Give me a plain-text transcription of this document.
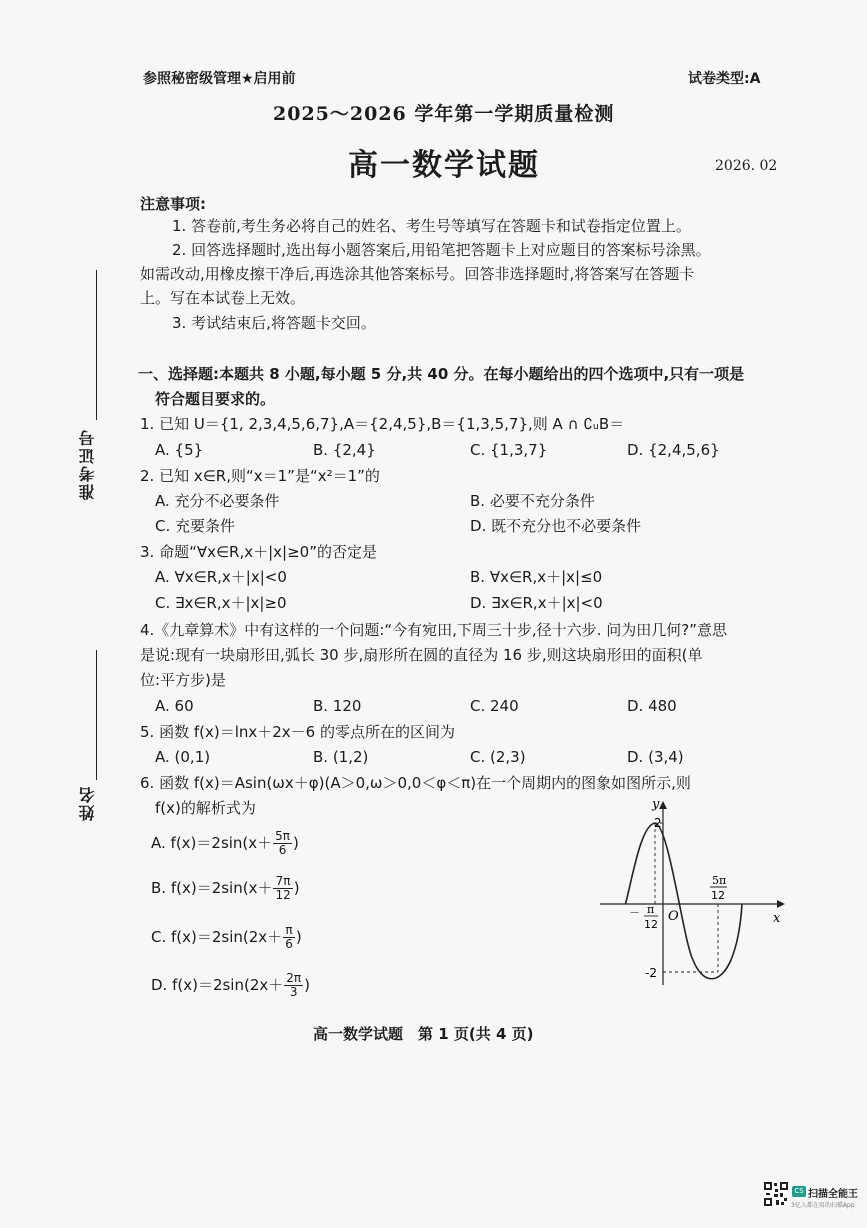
参照秘密级管理★启用前	试卷类型:A
2025～2026 学年第一学期质量检测
高一数学试题	2026. 02
准考证号
姓名
注意事项:
1. 答卷前,考生务必将自己的姓名、考生号等填写在答题卡和试卷指定位置上。
2. 回答选择题时,选出每小题答案后,用铅笔把答题卡上对应题目的答案标号涂黑。
如需改动,用橡皮擦干净后,再选涂其他答案标号。回答非选择题时,将答案写在答题卡
上。写在本试卷上无效。
3. 考试结束后,将答题卡交回。
一、选择题:本题共 8 小题,每小题 5 分,共 40 分。在每小题给出的四个选项中,只有一项是
符合题目要求的。
1. 已知 U＝{1, 2,3,4,5,6,7},A＝{2,4,5},B＝{1,3,5,7},则 A ∩ ∁ᵤB＝
A. {5}	B. {2,4}	C. {1,3,7}	D. {2,4,5,6}
2. 已知 x∈R,则“x＝1”是“x²＝1”的
A. 充分不必要条件	B. 必要不充分条件
C. 充要条件	D. 既不充分也不必要条件
3. 命题“∀x∈R,x＋|x|≥0”的否定是
A. ∀x∈R,x＋|x|<0	B. ∀x∈R,x＋|x|≤0
C. ∃x∈R,x＋|x|≥0	D. ∃x∈R,x＋|x|<0
4.《九章算术》中有这样的一个问题:“今有宛田,下周三十步,径十六步. 问为田几何?”意思
是说:现有一块扇形田,弧长 30 步,扇形所在圆的直径为 16 步,则这块扇形田的面积(单
位:平方步)是
A. 60	B. 120	C. 240	D. 480
5. 函数 f(x)＝lnx＋2x－6 的零点所在的区间为
A. (0,1)	B. (1,2)	C. (2,3)	D. (3,4)
6. 函数 f(x)＝Asin(ωx＋φ)(A＞0,ω＞0,0＜φ＜π)在一个周期内的图象如图所示,则
f(x)的解析式为
A. $f(x)=2\sin(x+ \frac{5\pi}{6}$ )
B. $f(x)=2\sin(x+ \frac{7\pi}{12}$ )
C. $f(x)=2\sin(2x+ \frac{\pi}{6}$ )
D. $f(x)=2\sin(2x+ \frac{2\pi}{3}$ )
y
x
O
2
-2
－ π
12
5π
12
高一数学试题　第 1 页(共 4 页)
CS 扫描全能王
3亿人都在用的扫描App
